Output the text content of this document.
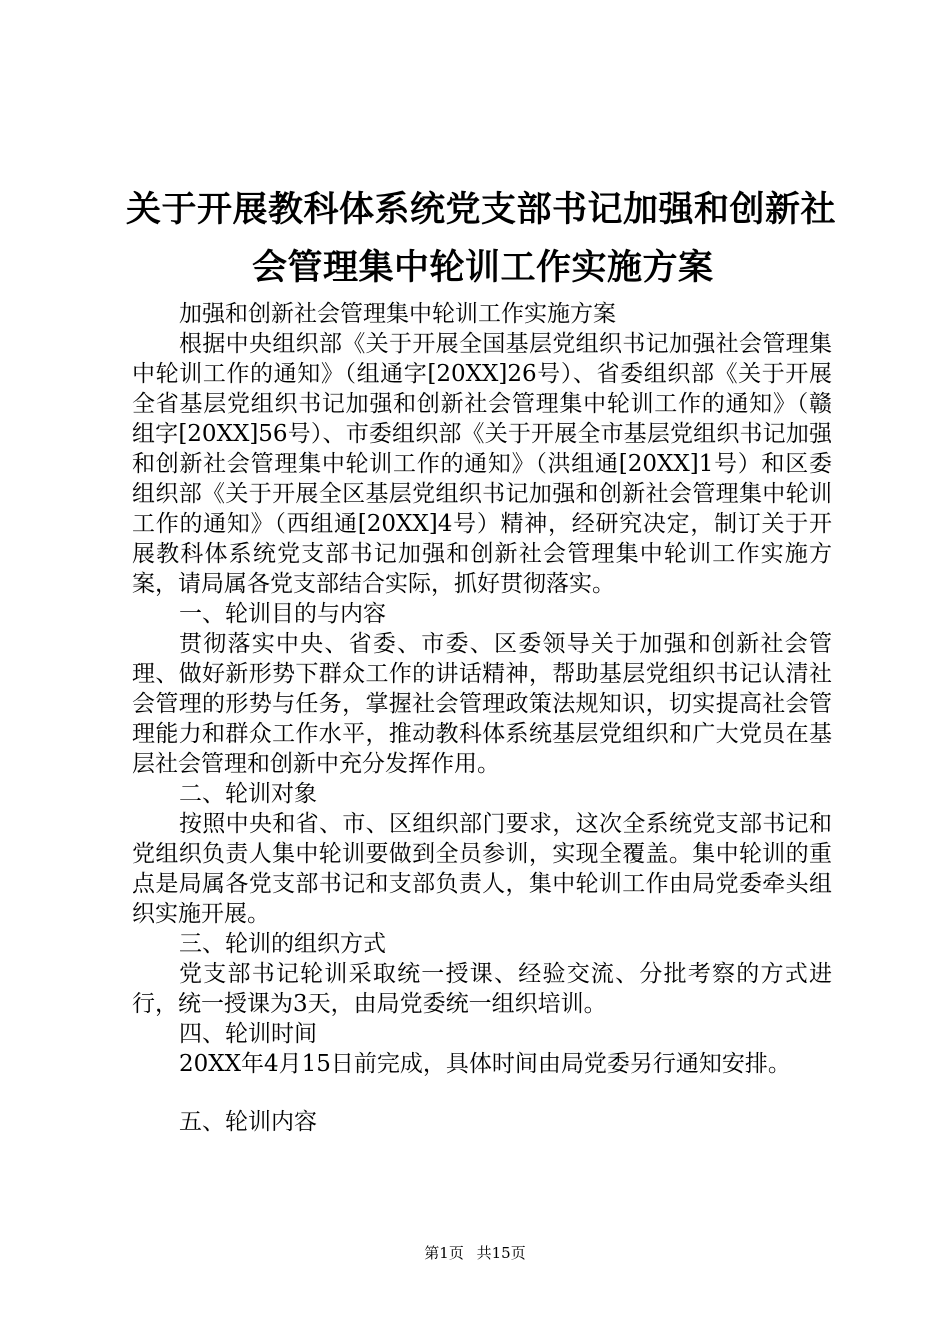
关于开展教科体系统党支部书记加强和创新社
会管理集中轮训工作实施方案

加强和创新社会管理集中轮训工作实施方案

根据中央组织部《关于开展全国基层党组织书记加强社会管理集中轮训工作的通知》（组通字[20XX]26号）、省委组织部《关于开展全省基层党组织书记加强和创新社会管理集中轮训工作的通知》（赣组字[20XX]56号）、市委组织部《关于开展全市基层党组织书记加强和创新社会管理集中轮训工作的通知》（洪组通[20XX]1号）和区委组织部《关于开展全区基层党组织书记加强和创新社会管理集中轮训工作的通知》（西组通[20XX]4号）精神，经研究决定，制订关于开展教科体系统党支部书记加强和创新社会管理集中轮训工作实施方案，请局属各党支部结合实际，抓好贯彻落实。

一、轮训目的与内容

贯彻落实中央、省委、市委、区委领导关于加强和创新社会管理、做好新形势下群众工作的讲话精神，帮助基层党组织书记认清社会管理的形势与任务，掌握社会管理政策法规知识，切实提高社会管理能力和群众工作水平，推动教科体系统基层党组织和广大党员在基层社会管理和创新中充分发挥作用。

二、轮训对象

按照中央和省、市、区组织部门要求，这次全系统党支部书记和党组织负责人集中轮训要做到全员参训，实现全覆盖。集中轮训的重点是局属各党支部书记和支部负责人，集中轮训工作由局党委牵头组织实施开展。

三、轮训的组织方式

党支部书记轮训采取统一授课、经验交流、分批考察的方式进行，统一授课为3天，由局党委统一组织培训。

四、轮训时间

20XX年4月15日前完成，具体时间由局党委另行通知安排。

五、轮训内容

第1页 共15页
